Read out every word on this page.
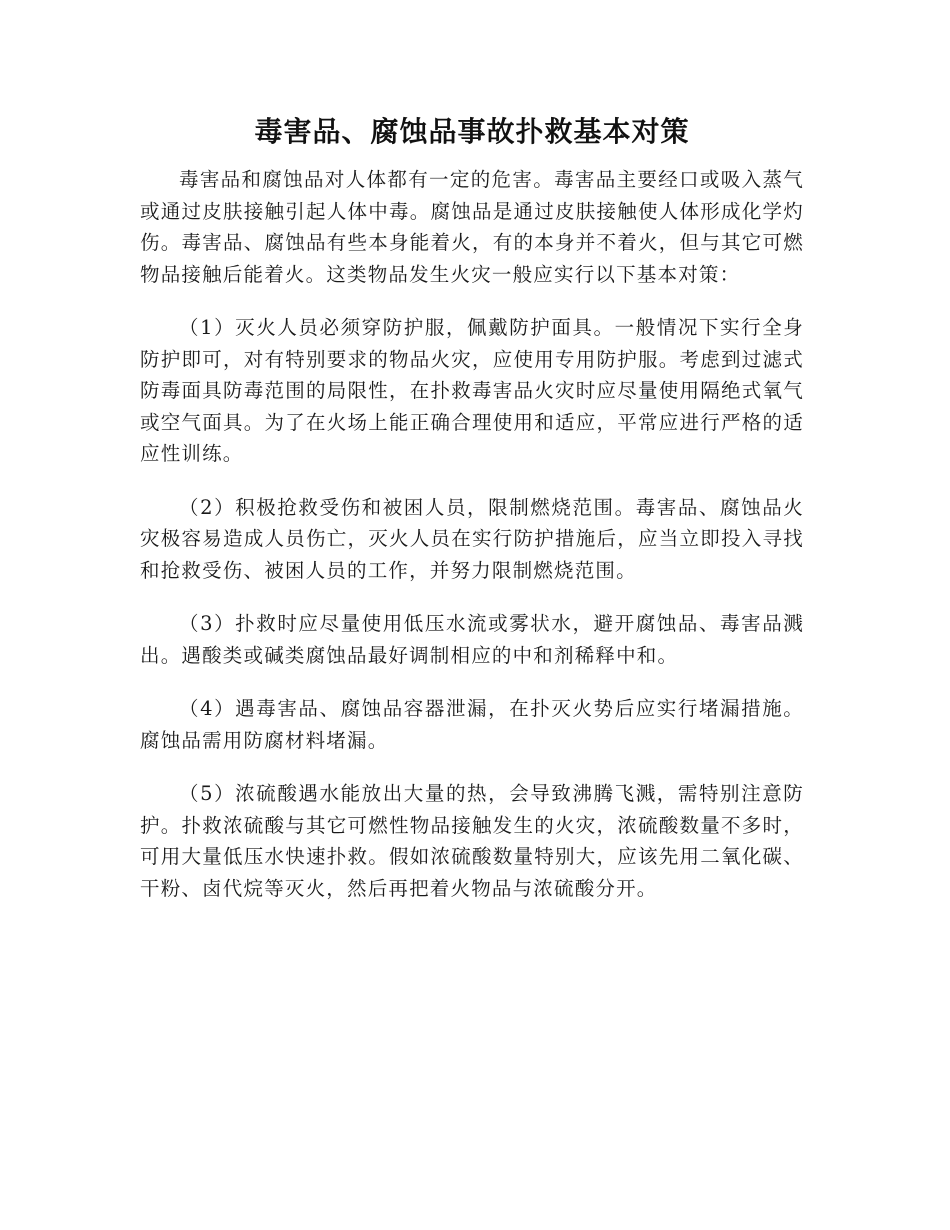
毒害品、腐蚀品事故扑救基本对策

毒害品和腐蚀品对人体都有一定的危害。毒害品主要经口或吸入蒸气或通过皮肤接触引起人体中毒。腐蚀品是通过皮肤接触使人体形成化学灼伤。毒害品、腐蚀品有些本身能着火，有的本身并不着火，但与其它可燃物品接触后能着火。这类物品发生火灾一般应实行以下基本对策：

（1）灭火人员必须穿防护服，佩戴防护面具。一般情况下实行全身防护即可，对有特别要求的物品火灾，应使用专用防护服。考虑到过滤式防毒面具防毒范围的局限性，在扑救毒害品火灾时应尽量使用隔绝式氧气或空气面具。为了在火场上能正确合理使用和适应，平常应进行严格的适应性训练。

（2）积极抢救受伤和被困人员，限制燃烧范围。毒害品、腐蚀品火灾极容易造成人员伤亡，灭火人员在实行防护措施后，应当立即投入寻找和抢救受伤、被困人员的工作，并努力限制燃烧范围。

（3）扑救时应尽量使用低压水流或雾状水，避开腐蚀品、毒害品溅出。遇酸类或碱类腐蚀品最好调制相应的中和剂稀释中和。

（4）遇毒害品、腐蚀品容器泄漏，在扑灭火势后应实行堵漏措施。腐蚀品需用防腐材料堵漏。

（5）浓硫酸遇水能放出大量的热，会导致沸腾飞溅，需特别注意防护。扑救浓硫酸与其它可燃性物品接触发生的火灾，浓硫酸数量不多时，可用大量低压水快速扑救。假如浓硫酸数量特别大，应该先用二氧化碳、干粉、卤代烷等灭火，然后再把着火物品与浓硫酸分开。
